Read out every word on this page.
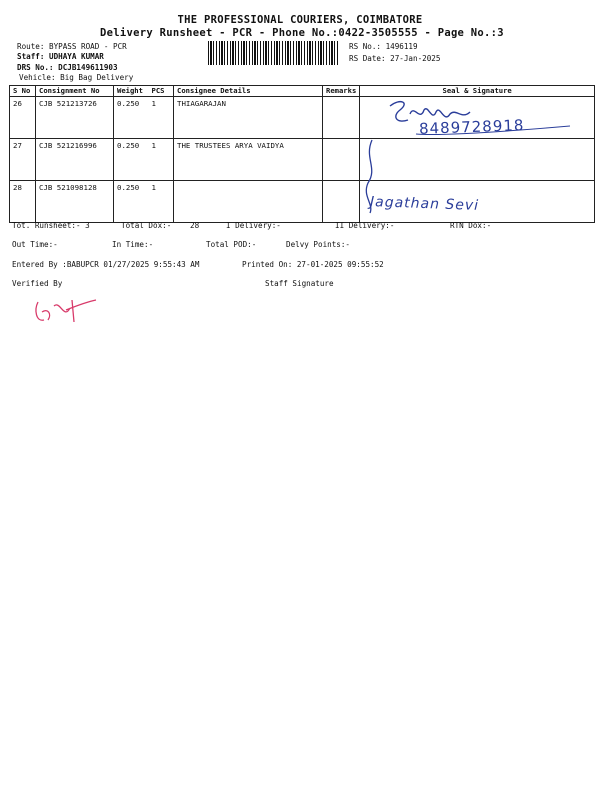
THE PROFESSIONAL COURIERS, COIMBATORE
Delivery Runsheet - PCR - Phone No.:0422-3505555 - Page No.:3
Route: BYPASS ROAD - PCR
Staff: UDHAYA KUMAR
DRS No.: DCJB149611903
Vehicle: Big Bag Delivery
RS No.: 1496119
RS Date: 27-Jan-2025
S No	Consignment No	Weight	PCS	Consignee Details	Remarks	Seal & Signature
26	CJB 521213726	0.250	1	THIAGARAJAN		
27	CJB 521216996	0.250	1	THE TRUSTEES ARYA VAIDYA		
28	CJB 521098128	0.250	1			
8489728918
Jagathan Sevi
Tot. Runsheet:- 3	Total Dox:- 28	I Delivery:-	II Delivery:-	RTN Dox:-
Out Time:-	In Time:-	Total POD:-	Delvy Points:-
Entered By :BABUPCR 01/27/2025 9:55:43 AM	Printed On: 27-01-2025 09:55:52
Verified By	Staff Signature
